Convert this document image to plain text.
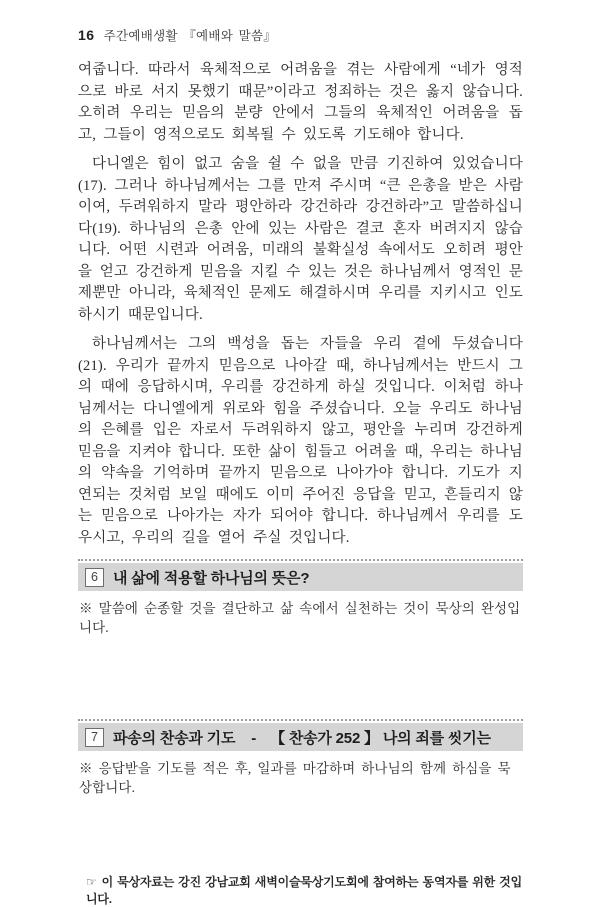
16 주간예배생활 『예배와 말씀』

여줍니다. 따라서 육체적으로 어려움을 겪는 사람에게 “네가 영적으로 바로 서지 못했기 때문”이라고 정죄하는 것은 옳지 않습니다. 오히려 우리는 믿음의 분량 안에서 그들의 육체적인 어려움을 돕고, 그들이 영적으로도 회복될 수 있도록 기도해야 합니다.

다니엘은 힘이 없고 숨을 쉴 수 없을 만큼 기진하여 있었습니다(17). 그러나 하나님께서는 그를 만져 주시며 “큰 은총을 받은 사람이여, 두려워하지 말라 평안하라 강건하라 강건하라”고 말씀하십니다(19). 하나님의 은총 안에 있는 사람은 결코 혼자 버려지지 않습니다. 어떤 시련과 어려움, 미래의 불확실성 속에서도 오히려 평안을 얻고 강건하게 믿음을 지킬 수 있는 것은 하나님께서 영적인 문제뿐만 아니라, 육체적인 문제도 해결하시며 우리를 지키시고 인도하시기 때문입니다.

하나님께서는 그의 백성을 돕는 자들을 우리 곁에 두셨습니다(21). 우리가 끝까지 믿음으로 나아갈 때, 하나님께서는 반드시 그의 때에 응답하시며, 우리를 강건하게 하실 것입니다. 이처럼 하나님께서는 다니엘에게 위로와 힘을 주셨습니다. 오늘 우리도 하나님의 은혜를 입은 자로서 두려워하지 않고, 평안을 누리며 강건하게 믿음을 지켜야 합니다. 또한 삶이 힘들고 어려울 때, 우리는 하나님의 약속을 기억하며 끝까지 믿음으로 나아가야 합니다. 기도가 지연되는 것처럼 보일 때에도 이미 주어진 응답을 믿고, 흔들리지 않는 믿음으로 나아가는 자가 되어야 합니다. 하나님께서 우리를 도우시고, 우리의 길을 열어 주실 것입니다.

6	내 삶에 적용할 하나님의 뜻은?

※ 말씀에 순종할 것을 결단하고 삶 속에서 실천하는 것이 묵상의 완성입니다.

7	파송의 찬송과 기도 - 【 찬송가 252 】 나의 죄를 씻기는

※ 응답받을 기도를 적은 후, 일과를 마감하며 하나님의 함께 하심을 묵상합니다.

☞ 이 묵상자료는 강진 강남교회 새벽이슬묵상기도회에 참여하는 동역자를 위한 것입니다.
